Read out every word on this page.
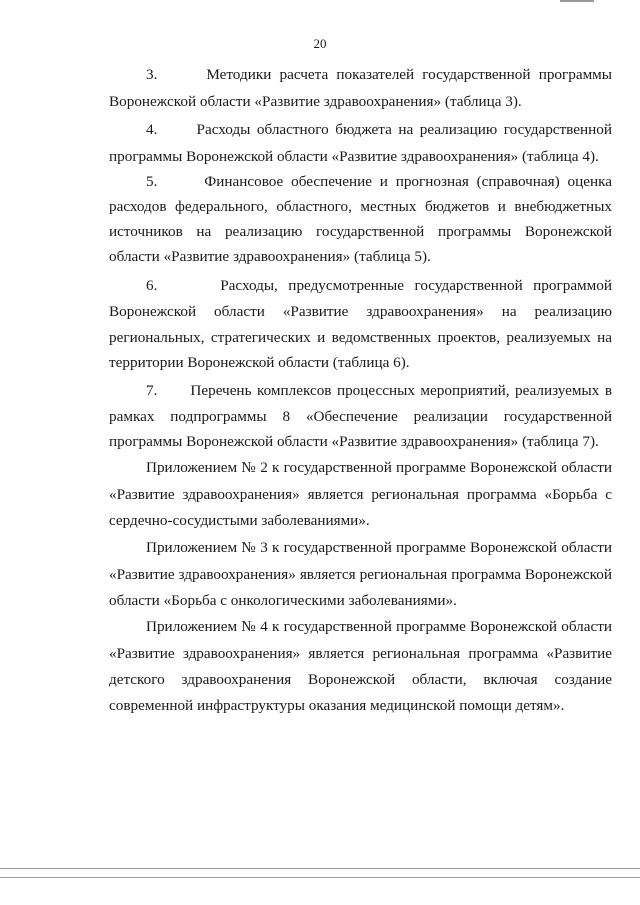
20
3.      Методики расчета показателей государственной программы
Воронежской области «Развитие здравоохранения» (таблица 3).
4.      Расходы областного бюджета на реализацию государственной
программы Воронежской области «Развитие здравоохранения» (таблица 4).
5.      Финансовое обеспечение и прогнозная (справочная) оценка
расходов федерального, областного, местных бюджетов и внебюджетных
источников на реализацию государственной программы Воронежской
области «Развитие здравоохранения» (таблица 5).
6.      Расходы, предусмотренные государственной программой
Воронежской области «Развитие здравоохранения» на реализацию
региональных, стратегических и ведомственных проектов, реализуемых на
территории Воронежской области (таблица 6).
7.      Перечень комплексов процессных мероприятий, реализуемых в
рамках подпрограммы 8 «Обеспечение реализации государственной
программы Воронежской области «Развитие здравоохранения» (таблица 7).
Приложением № 2 к государственной программе Воронежской области
«Развитие здравоохранения» является региональная программа «Борьба с
сердечно-сосудистыми заболеваниями».
Приложением № 3 к государственной программе Воронежской области
«Развитие здравоохранения» является региональная программа Воронежской
области «Борьба с онкологическими заболеваниями».
Приложением № 4 к государственной программе Воронежской области
«Развитие здравоохранения» является региональная программа «Развитие
детского здравоохранения Воронежской области, включая создание
современной инфраструктуры оказания медицинской помощи детям».
